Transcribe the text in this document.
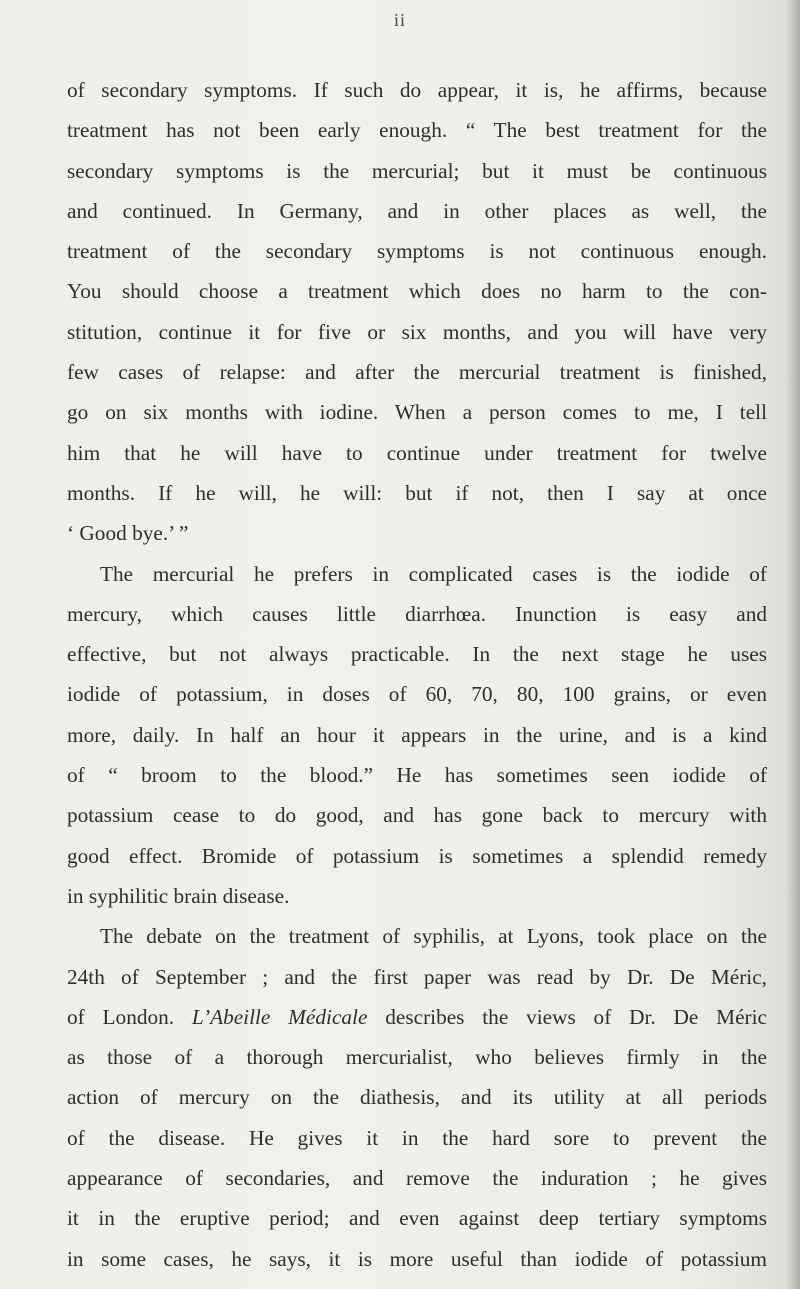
ii

of secondary symptoms. If such do appear, it is, he affirms, because
treatment has not been early enough. “ The best treatment for the
secondary symptoms is the mercurial; but it must be continuous
and continued. In Germany, and in other places as well, the
treatment of the secondary symptoms is not continuous enough.
You should choose a treatment which does no harm to the con-
stitution, continue it for five or six months, and you will have very
few cases of relapse: and after the mercurial treatment is finished,
go on six months with iodine. When a person comes to me, I tell
him that he will have to continue under treatment for twelve
months. If he will, he will: but if not, then I say at once
‘ Good bye.’ ”

The mercurial he prefers in complicated cases is the iodide of
mercury, which causes little diarrhœa. Inunction is easy and
effective, but not always practicable. In the next stage he uses
iodide of potassium, in doses of 60, 70, 80, 100 grains, or even
more, daily. In half an hour it appears in the urine, and is a kind
of “ broom to the blood.” He has sometimes seen iodide of
potassium cease to do good, and has gone back to mercury with
good effect. Bromide of potassium is sometimes a splendid remedy
in syphilitic brain disease.

The debate on the treatment of syphilis, at Lyons, took place on the
24th of September ; and the first paper was read by Dr. De Méric,
of London. L’Abeille Médicale describes the views of Dr. De Méric
as those of a thorough mercurialist, who believes firmly in the
action of mercury on the diathesis, and its utility at all periods
of the disease. He gives it in the hard sore to prevent the
appearance of secondaries, and remove the induration ; he gives
it in the eruptive period; and even against deep tertiary symptoms
in some cases, he says, it is more useful than iodide of potassium
